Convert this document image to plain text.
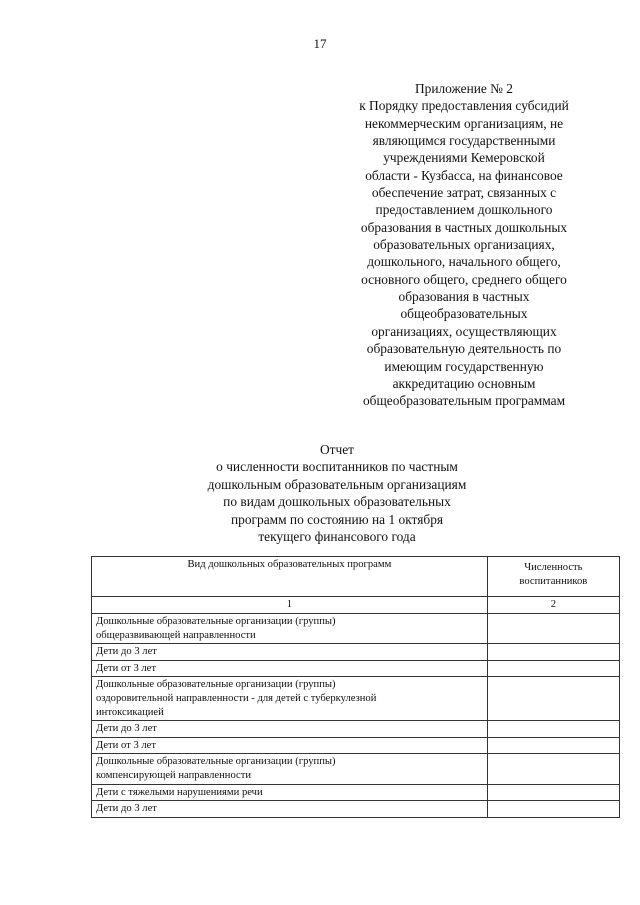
17
Приложение № 2
к Порядку предоставления субсидий
некоммерческим организациям, не
являющимся государственными
учреждениями Кемеровской
области - Кузбасса, на финансовое
обеспечение затрат, связанных с
предоставлением дошкольного
образования в частных дошкольных
образовательных организациях,
дошкольного, начального общего,
основного общего, среднего общего
образования в частных
общеобразовательных
организациях, осуществляющих
образовательную деятельность по
имеющим государственную
аккредитацию основным
общеобразовательным программам
Отчет
о численности воспитанников по частным
дошкольным образовательным организациям
по видам дошкольных образовательных
программ по состоянию на 1 октября
текущего финансового года
Вид дошкольных образовательных программ	Численность
воспитанников

1	2

Дошкольные образовательные организации (группы)
общеразвивающей направленности	

Дети до 3 лет	

Дети от 3 лет	

Дошкольные образовательные организации (группы)
оздоровительной направленности - для детей с туберкулезной
интоксикацией	

Дети до 3 лет	

Дети от 3 лет	

Дошкольные образовательные организации (группы)
компенсирующей направленности	

Дети с тяжелыми нарушениями речи	

Дети до 3 лет	
